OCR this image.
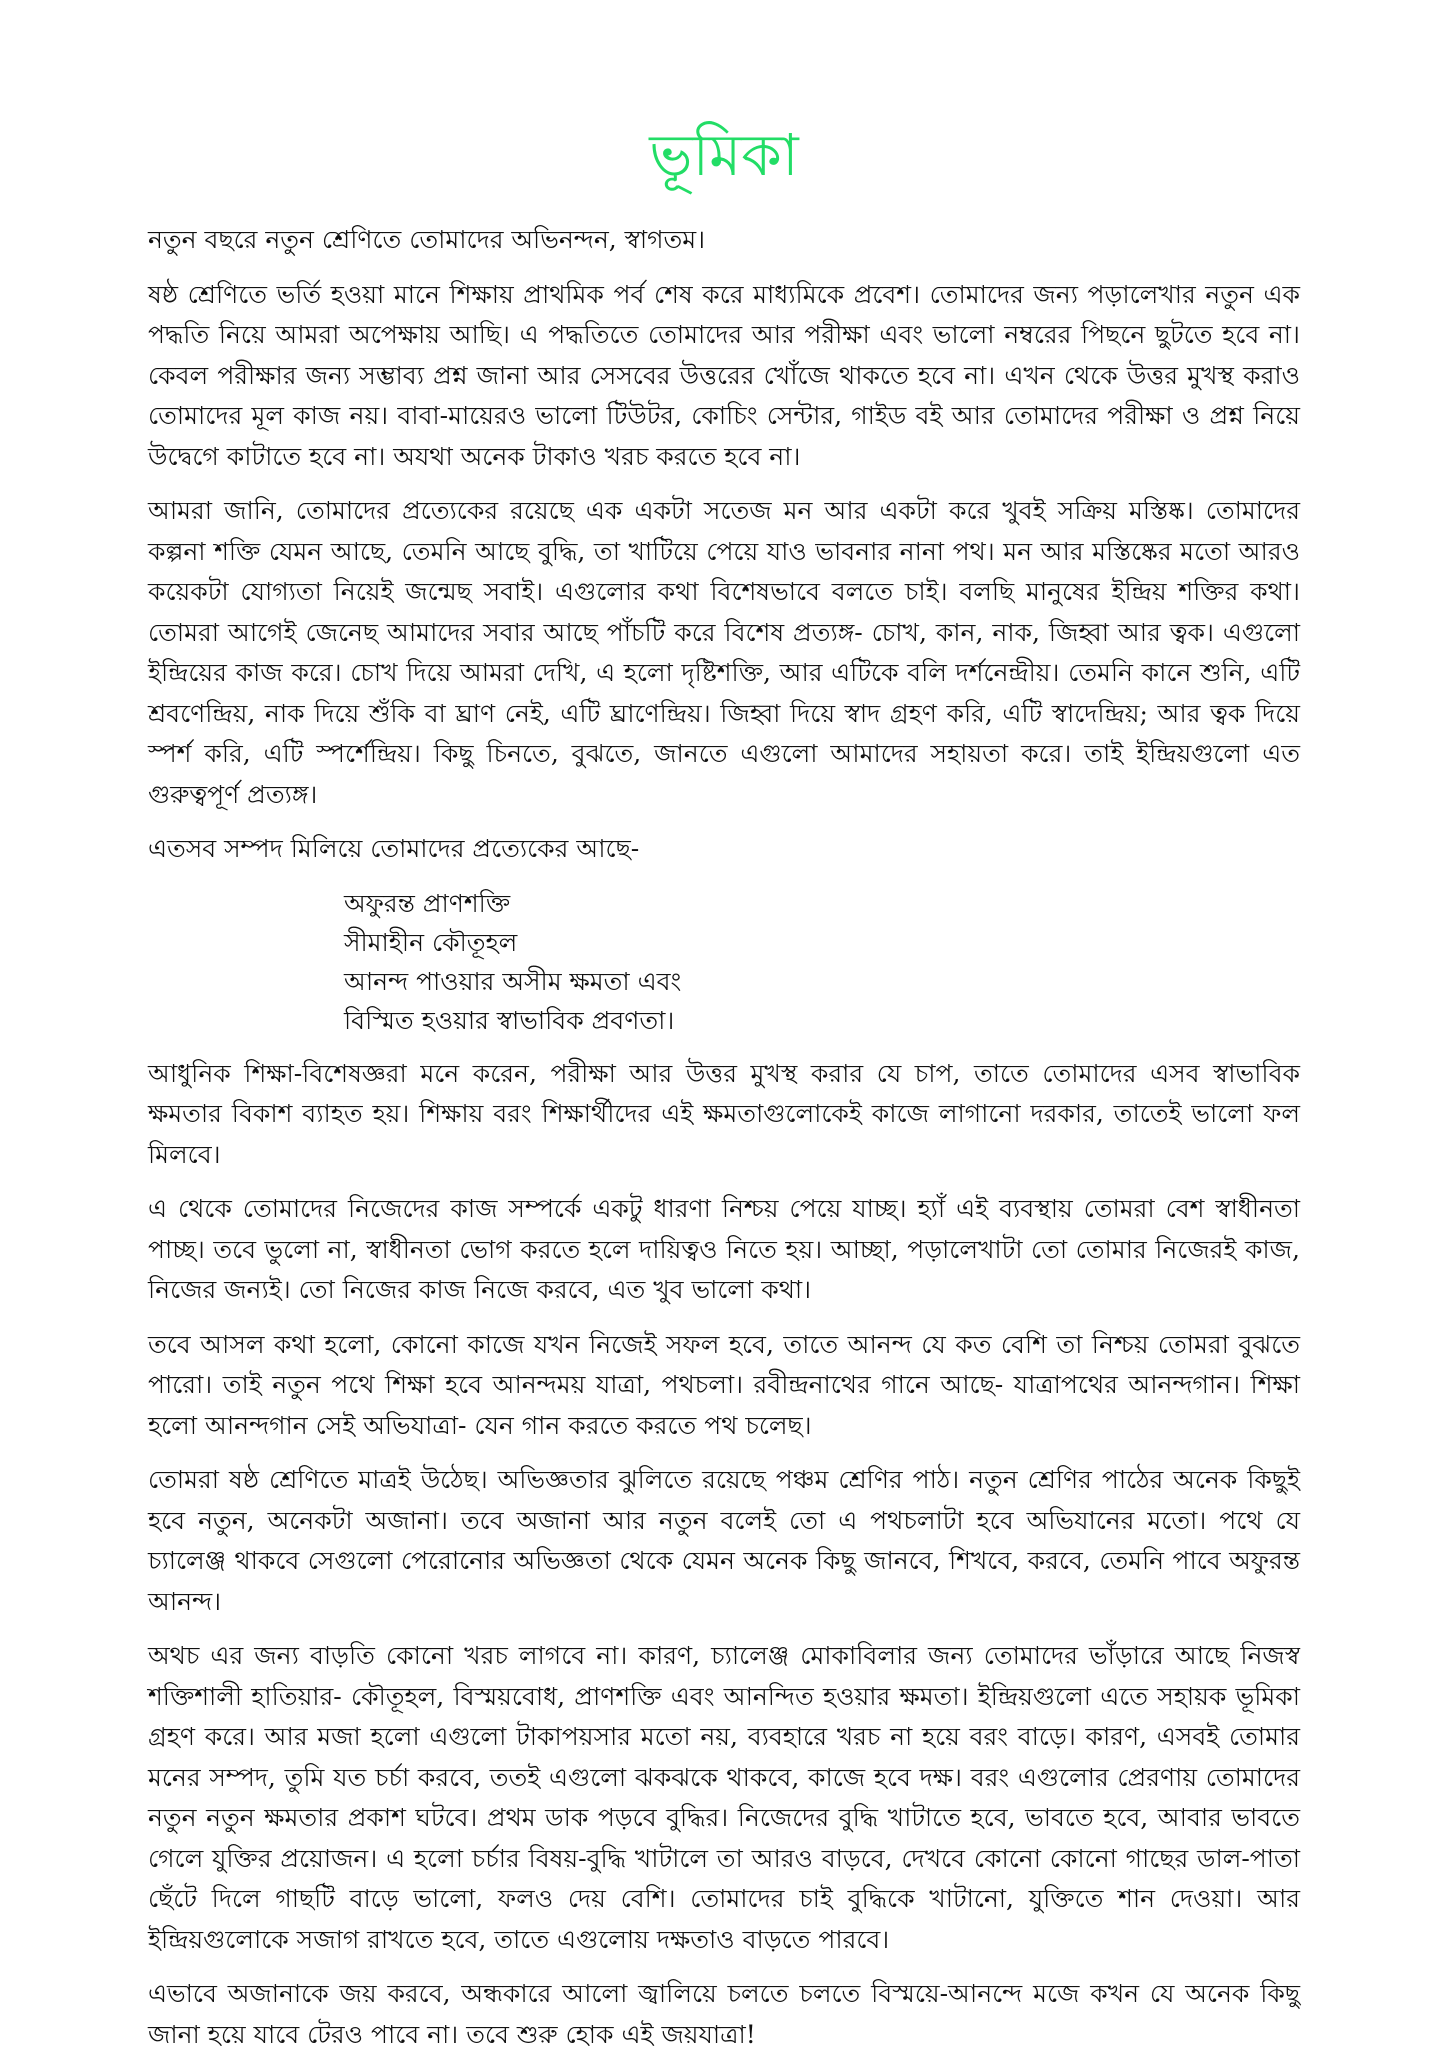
ভূমিকা

নতুন বছরে নতুন শ্রেণিতে তোমাদের অভিনন্দন, স্বাগতম।

ষষ্ঠ শ্রেণিতে ভর্তি হওয়া মানে শিক্ষায় প্রাথমিক পর্ব শেষ করে মাধ্যমিকে প্রবেশ। তোমাদের জন্য পড়ালেখার নতুন এক পদ্ধতি নিয়ে আমরা অপেক্ষায় আছি। এ পদ্ধতিতে তোমাদের আর পরীক্ষা এবং ভালো নম্বরের পিছনে ছুটতে হবে না। কেবল পরীক্ষার জন্য সম্ভাব্য প্রশ্ন জানা আর সেসবের উত্তরের খোঁজে থাকতে হবে না। এখন থেকে উত্তর মুখস্থ করাও তোমাদের মূল কাজ নয়। বাবা-মায়েরও ভালো টিউটর, কোচিং সেন্টার, গাইড বই আর তোমাদের পরীক্ষা ও প্রশ্ন নিয়ে উদ্বেগে কাটাতে হবে না। অযথা অনেক টাকাও খরচ করতে হবে না।

আমরা জানি, তোমাদের প্রত্যেকের রয়েছে এক একটা সতেজ মন আর একটা করে খুবই সক্রিয় মস্তিষ্ক। তোমাদের কল্পনা শক্তি যেমন আছে, তেমনি আছে বুদ্ধি, তা খাটিয়ে পেয়ে যাও ভাবনার নানা পথ। মন আর মস্তিষ্কের মতো আরও কয়েকটা যোগ্যতা নিয়েই জন্মেছ সবাই। এগুলোর কথা বিশেষভাবে বলতে চাই। বলছি মানুষের ইন্দ্রিয় শক্তির কথা। তোমরা আগেই জেনেছ আমাদের সবার আছে পাঁচটি করে বিশেষ প্রত্যঙ্গ- চোখ, কান, নাক, জিহ্বা আর ত্বক। এগুলো ইন্দ্রিয়ের কাজ করে। চোখ দিয়ে আমরা দেখি, এ হলো দৃষ্টিশক্তি, আর এটিকে বলি দর্শনেন্দ্রীয়। তেমনি কানে শুনি, এটি শ্রবণেন্দ্রিয়, নাক দিয়ে শুঁকি বা ঘ্রাণ নেই, এটি ঘ্রাণেন্দ্রিয়। জিহ্বা দিয়ে স্বাদ গ্রহণ করি, এটি স্বাদেন্দ্রিয়; আর ত্বক দিয়ে স্পর্শ করি, এটি স্পর্শেন্দ্রিয়। কিছু চিনতে, বুঝতে, জানতে এগুলো আমাদের সহায়তা করে। তাই ইন্দ্রিয়গুলো এত গুরুত্বপূর্ণ প্রত্যঙ্গ।

এতসব সম্পদ মিলিয়ে তোমাদের প্রত্যেকের আছে-

অফুরন্ত প্রাণশক্তি
সীমাহীন কৌতূহল
আনন্দ পাওয়ার অসীম ক্ষমতা এবং
বিস্মিত হওয়ার স্বাভাবিক প্রবণতা।

আধুনিক শিক্ষা-বিশেষজ্ঞরা মনে করেন, পরীক্ষা আর উত্তর মুখস্থ করার যে চাপ, তাতে তোমাদের এসব স্বাভাবিক ক্ষমতার বিকাশ ব্যাহত হয়। শিক্ষায় বরং শিক্ষার্থীদের এই ক্ষমতাগুলোকেই কাজে লাগানো দরকার, তাতেই ভালো ফল মিলবে।

এ থেকে তোমাদের নিজেদের কাজ সম্পর্কে একটু ধারণা নিশ্চয় পেয়ে যাচ্ছ। হ্যাঁ এই ব্যবস্থায় তোমরা বেশ স্বাধীনতা পাচ্ছ। তবে ভুলো না, স্বাধীনতা ভোগ করতে হলে দায়িত্বও নিতে হয়। আচ্ছা, পড়ালেখাটা তো তোমার নিজেরই কাজ, নিজের জন্যই। তো নিজের কাজ নিজে করবে, এত খুব ভালো কথা।

তবে আসল কথা হলো, কোনো কাজে যখন নিজেই সফল হবে, তাতে আনন্দ যে কত বেশি তা নিশ্চয় তোমরা বুঝতে পারো। তাই নতুন পথে শিক্ষা হবে আনন্দময় যাত্রা, পথচলা। রবীন্দ্রনাথের গানে আছে- যাত্রাপথের আনন্দগান। শিক্ষা হলো আনন্দগান সেই অভিযাত্রা- যেন গান করতে করতে পথ চলেছ।

তোমরা ষষ্ঠ শ্রেণিতে মাত্রই উঠেছ। অভিজ্ঞতার ঝুলিতে রয়েছে পঞ্চম শ্রেণির পাঠ। নতুন শ্রেণির পাঠের অনেক কিছুই হবে নতুন, অনেকটা অজানা। তবে অজানা আর নতুন বলেই তো এ পথচলাটা হবে অভিযানের মতো। পথে যে চ্যালেঞ্জ থাকবে সেগুলো পেরোনোর অভিজ্ঞতা থেকে যেমন অনেক কিছু জানবে, শিখবে, করবে, তেমনি পাবে অফুরন্ত আনন্দ।

অথচ এর জন্য বাড়তি কোনো খরচ লাগবে না। কারণ, চ্যালেঞ্জ মোকাবিলার জন্য তোমাদের ভাঁড়ারে আছে নিজস্ব শক্তিশালী হাতিয়ার- কৌতূহল, বিস্ময়বোধ, প্রাণশক্তি এবং আনন্দিত হওয়ার ক্ষমতা। ইন্দ্রিয়গুলো এতে সহায়ক ভূমিকা গ্রহণ করে। আর মজা হলো এগুলো টাকাপয়সার মতো নয়, ব্যবহারে খরচ না হয়ে বরং বাড়ে। কারণ, এসবই তোমার মনের সম্পদ, তুমি যত চর্চা করবে, ততই এগুলো ঝকঝকে থাকবে, কাজে হবে দক্ষ। বরং এগুলোর প্রেরণায় তোমাদের নতুন নতুন ক্ষমতার প্রকাশ ঘটবে। প্রথম ডাক পড়বে বুদ্ধির। নিজেদের বুদ্ধি খাটাতে হবে, ভাবতে হবে, আবার ভাবতে গেলে যুক্তির প্রয়োজন। এ হলো চর্চার বিষয়-বুদ্ধি খাটালে তা আরও বাড়বে, দেখবে কোনো কোনো গাছের ডাল-পাতা ছেঁটে দিলে গাছটি বাড়ে ভালো, ফলও দেয় বেশি। তোমাদের চাই বুদ্ধিকে খাটানো, যুক্তিতে শান দেওয়া। আর ইন্দ্রিয়গুলোকে সজাগ রাখতে হবে, তাতে এগুলোয় দক্ষতাও বাড়তে পারবে।

এভাবে অজানাকে জয় করবে, অন্ধকারে আলো জ্বালিয়ে চলতে চলতে বিস্ময়ে-আনন্দে মজে কখন যে অনেক কিছু জানা হয়ে যাবে টেরও পাবে না। তবে শুরু হোক এই জয়যাত্রা!
